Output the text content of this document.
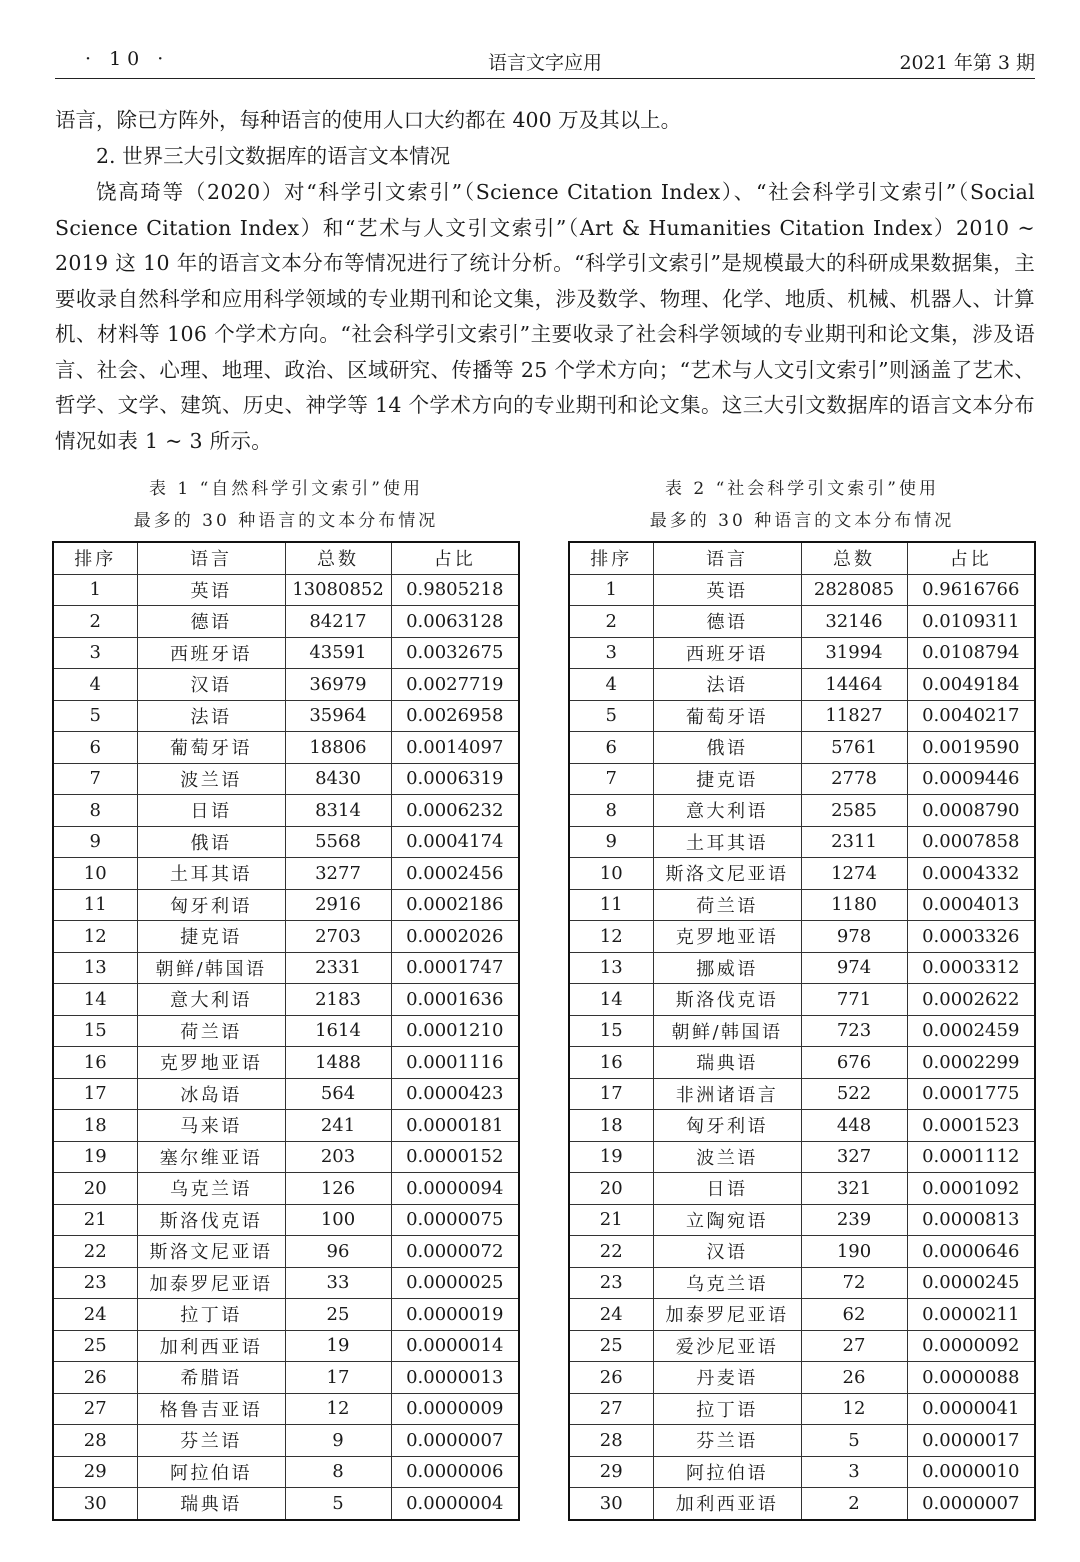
· 10 ·	语言文字应用	2021 年第 3 期

语言，除已方阵外，每种语言的使用人口大约都在 400 万及其以上。

2. 世界三大引文数据库的语言文本情况

饶高琦等（2020）对“科学引文索引”（Science Citation Index）、“社会科学引文索引”（Social Science Citation Index）和“艺术与人文引文索引”（Art & Humanities Citation Index）2010 ~ 2019 这 10 年的语言文本分布等情况进行了统计分析。“科学引文索引”是规模最大的科研成果数据集，主要收录自然科学和应用科学领域的专业期刊和论文集，涉及数学、物理、化学、地质、机械、机器人、计算机、材料等 106 个学术方向。“社会科学引文索引”主要收录了社会科学领域的专业期刊和论文集，涉及语言、社会、心理、地理、政治、区域研究、传播等 25 个学术方向；“艺术与人文引文索引”则涵盖了艺术、哲学、文学、建筑、历史、神学等 14 个学术方向的专业期刊和论文集。这三大引文数据库的语言文本分布情况如表 1 ~ 3 所示。

表 1 “自然科学引文索引”使用
最多的 30 种语言的文本分布情况
表 2 “社会科学引文索引”使用
最多的 30 种语言的文本分布情况
排序	语言	总数	占比
1	英语	13080852	0.9805218
2	德语	84217	0.0063128
3	西班牙语	43591	0.0032675
4	汉语	36979	0.0027719
5	法语	35964	0.0026958
6	葡萄牙语	18806	0.0014097
7	波兰语	8430	0.0006319
8	日语	8314	0.0006232
9	俄语	5568	0.0004174
10	土耳其语	3277	0.0002456
11	匈牙利语	2916	0.0002186
12	捷克语	2703	0.0002026
13	朝鲜/韩国语	2331	0.0001747
14	意大利语	2183	0.0001636
15	荷兰语	1614	0.0001210
16	克罗地亚语	1488	0.0001116
17	冰岛语	564	0.0000423
18	马来语	241	0.0000181
19	塞尔维亚语	203	0.0000152
20	乌克兰语	126	0.0000094
21	斯洛伐克语	100	0.0000075
22	斯洛文尼亚语	96	0.0000072
23	加泰罗尼亚语	33	0.0000025
24	拉丁语	25	0.0000019
25	加利西亚语	19	0.0000014
26	希腊语	17	0.0000013
27	格鲁吉亚语	12	0.0000009
28	芬兰语	9	0.0000007
29	阿拉伯语	8	0.0000006
30	瑞典语	5	0.0000004
排序	语言	总数	占比
1	英语	2828085	0.9616766
2	德语	32146	0.0109311
3	西班牙语	31994	0.0108794
4	法语	14464	0.0049184
5	葡萄牙语	11827	0.0040217
6	俄语	5761	0.0019590
7	捷克语	2778	0.0009446
8	意大利语	2585	0.0008790
9	土耳其语	2311	0.0007858
10	斯洛文尼亚语	1274	0.0004332
11	荷兰语	1180	0.0004013
12	克罗地亚语	978	0.0003326
13	挪威语	974	0.0003312
14	斯洛伐克语	771	0.0002622
15	朝鲜/韩国语	723	0.0002459
16	瑞典语	676	0.0002299
17	非洲诸语言	522	0.0001775
18	匈牙利语	448	0.0001523
19	波兰语	327	0.0001112
20	日语	321	0.0001092
21	立陶宛语	239	0.0000813
22	汉语	190	0.0000646
23	乌克兰语	72	0.0000245
24	加泰罗尼亚语	62	0.0000211
25	爱沙尼亚语	27	0.0000092
26	丹麦语	26	0.0000088
27	拉丁语	12	0.0000041
28	芬兰语	5	0.0000017
29	阿拉伯语	3	0.0000010
30	加利西亚语	2	0.0000007
